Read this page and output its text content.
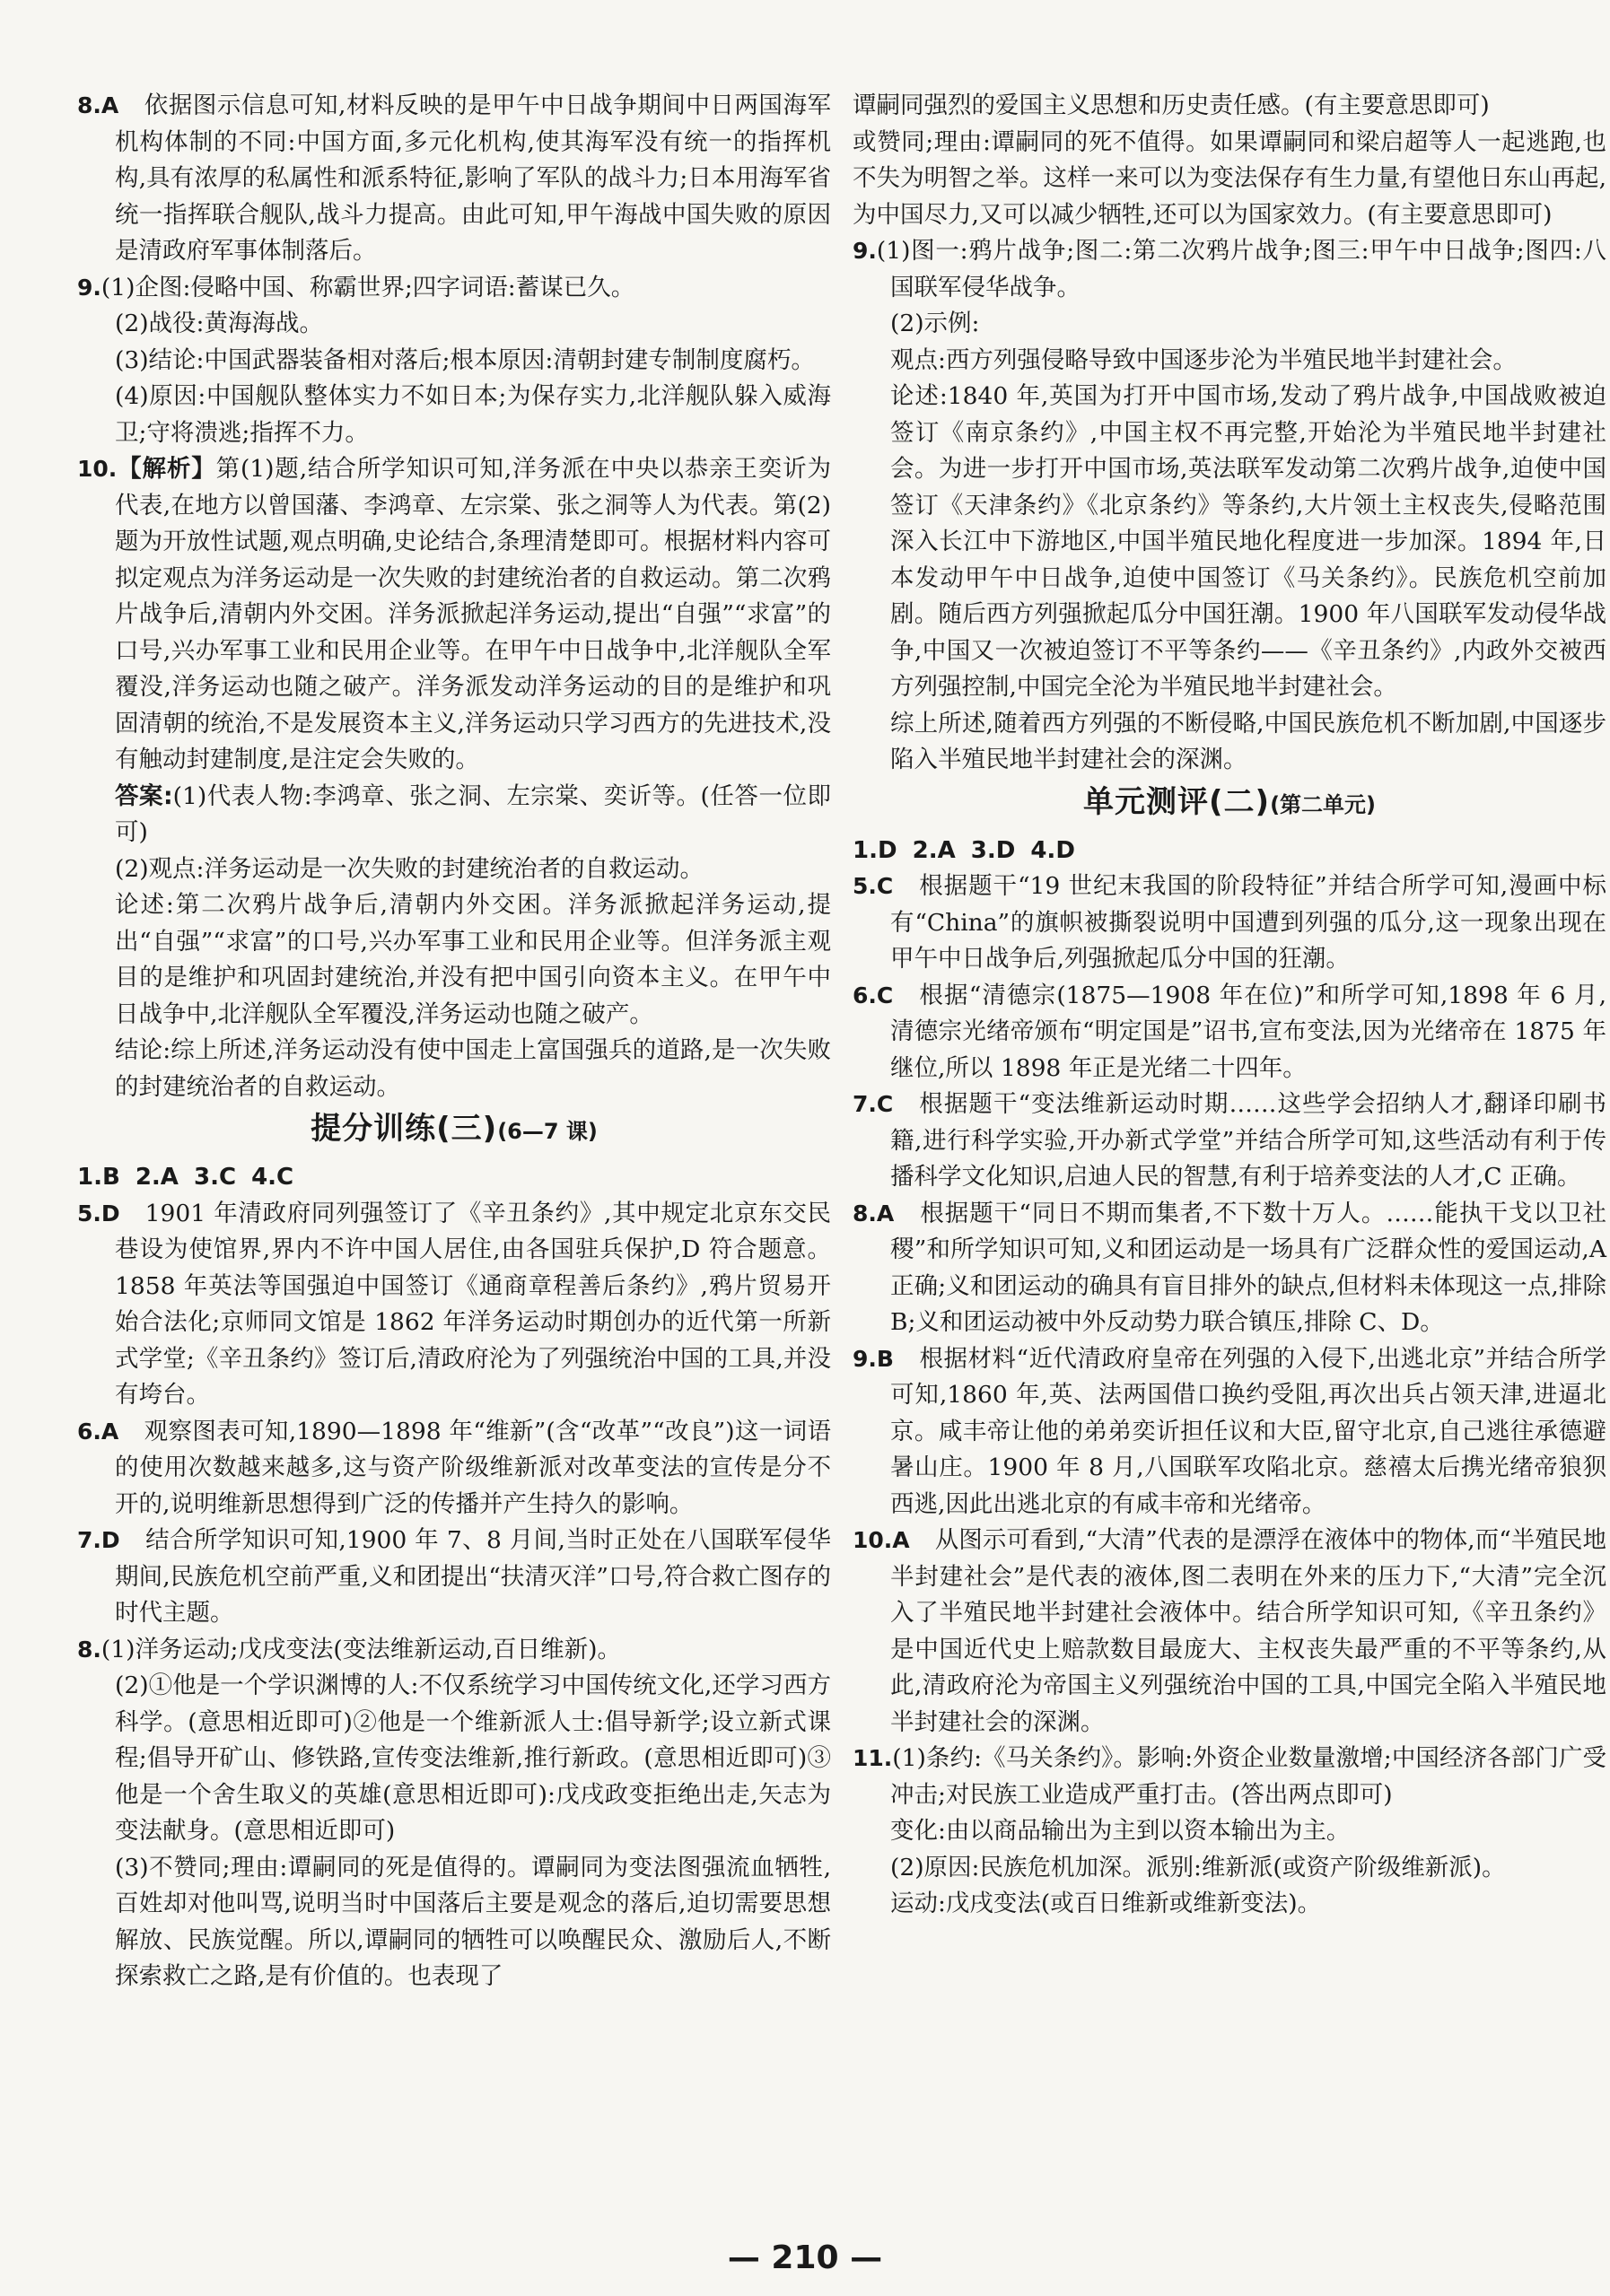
8.A 依据图示信息可知,材料反映的是甲午中日战争期间中日两国海军机构体制的不同:中国方面,多元化机构,使其海军没有统一的指挥机构,具有浓厚的私属性和派系特征,影响了军队的战斗力;日本用海军省统一指挥联合舰队,战斗力提高。由此可知,甲午海战中国失败的原因是清政府军事体制落后。

9.(1)企图:侵略中国、称霸世界;四字词语:蓄谋已久。

(2)战役:黄海海战。

(3)结论:中国武器装备相对落后;根本原因:清朝封建专制制度腐朽。

(4)原因:中国舰队整体实力不如日本;为保存实力,北洋舰队躲入威海卫;守将溃逃;指挥不力。

10.【解析】第(1)题,结合所学知识可知,洋务派在中央以恭亲王奕䜣为代表,在地方以曾国藩、李鸿章、左宗棠、张之洞等人为代表。第(2)题为开放性试题,观点明确,史论结合,条理清楚即可。根据材料内容可拟定观点为洋务运动是一次失败的封建统治者的自救运动。第二次鸦片战争后,清朝内外交困。洋务派掀起洋务运动,提出“自强”“求富”的口号,兴办军事工业和民用企业等。在甲午中日战争中,北洋舰队全军覆没,洋务运动也随之破产。洋务派发动洋务运动的目的是维护和巩固清朝的统治,不是发展资本主义,洋务运动只学习西方的先进技术,没有触动封建制度,是注定会失败的。

答案:(1)代表人物:李鸿章、张之洞、左宗棠、奕䜣等。(任答一位即可)

(2)观点:洋务运动是一次失败的封建统治者的自救运动。

论述:第二次鸦片战争后,清朝内外交困。洋务派掀起洋务运动,提出“自强”“求富”的口号,兴办军事工业和民用企业等。但洋务派主观目的是维护和巩固封建统治,并没有把中国引向资本主义。在甲午中日战争中,北洋舰队全军覆没,洋务运动也随之破产。

结论:综上所述,洋务运动没有使中国走上富国强兵的道路,是一次失败的封建统治者的自救运动。

提分训练(三)(6—7 课)

1.B 2.A 3.C 4.C

5.D 1901 年清政府同列强签订了《辛丑条约》,其中规定北京东交民巷设为使馆界,界内不许中国人居住,由各国驻兵保护,D 符合题意。1858 年英法等国强迫中国签订《通商章程善后条约》,鸦片贸易开始合法化;京师同文馆是 1862 年洋务运动时期创办的近代第一所新式学堂;《辛丑条约》签订后,清政府沦为了列强统治中国的工具,并没有垮台。

6.A 观察图表可知,1890—1898 年“维新”(含“改革”“改良”)这一词语的使用次数越来越多,这与资产阶级维新派对改革变法的宣传是分不开的,说明维新思想得到广泛的传播并产生持久的影响。

7.D 结合所学知识可知,1900 年 7、8 月间,当时正处在八国联军侵华期间,民族危机空前严重,义和团提出“扶清灭洋”口号,符合救亡图存的时代主题。

8.(1)洋务运动;戊戌变法(变法维新运动,百日维新)。

(2)①他是一个学识渊博的人:不仅系统学习中国传统文化,还学习西方科学。(意思相近即可)②他是一个维新派人士:倡导新学;设立新式课程;倡导开矿山、修铁路,宣传变法维新,推行新政。(意思相近即可)③他是一个舍生取义的英雄(意思相近即可):戊戌政变拒绝出走,矢志为变法献身。(意思相近即可)

(3)不赞同;理由:谭嗣同的死是值得的。谭嗣同为变法图强流血牺牲,百姓却对他叫骂,说明当时中国落后主要是观念的落后,迫切需要思想解放、民族觉醒。所以,谭嗣同的牺牲可以唤醒民众、激励后人,不断探索救亡之路,是有价值的。也表现了

谭嗣同强烈的爱国主义思想和历史责任感。(有主要意思即可)

或赞同;理由:谭嗣同的死不值得。如果谭嗣同和梁启超等人一起逃跑,也不失为明智之举。这样一来可以为变法保存有生力量,有望他日东山再起,为中国尽力,又可以减少牺牲,还可以为国家效力。(有主要意思即可)

9.(1)图一:鸦片战争;图二:第二次鸦片战争;图三:甲午中日战争;图四:八国联军侵华战争。

(2)示例:

观点:西方列强侵略导致中国逐步沦为半殖民地半封建社会。

论述:1840 年,英国为打开中国市场,发动了鸦片战争,中国战败被迫签订《南京条约》,中国主权不再完整,开始沦为半殖民地半封建社会。为进一步打开中国市场,英法联军发动第二次鸦片战争,迫使中国签订《天津条约》《北京条约》等条约,大片领土主权丧失,侵略范围深入长江中下游地区,中国半殖民地化程度进一步加深。1894 年,日本发动甲午中日战争,迫使中国签订《马关条约》。民族危机空前加剧。随后西方列强掀起瓜分中国狂潮。1900 年八国联军发动侵华战争,中国又一次被迫签订不平等条约——《辛丑条约》,内政外交被西方列强控制,中国完全沦为半殖民地半封建社会。

综上所述,随着西方列强的不断侵略,中国民族危机不断加剧,中国逐步陷入半殖民地半封建社会的深渊。

单元测评(二)(第二单元)

1.D 2.A 3.D 4.D

5.C 根据题干“19 世纪末我国的阶段特征”并结合所学可知,漫画中标有“China”的旗帜被撕裂说明中国遭到列强的瓜分,这一现象出现在甲午中日战争后,列强掀起瓜分中国的狂潮。

6.C 根据“清德宗(1875—1908 年在位)”和所学可知,1898 年 6 月,清德宗光绪帝颁布“明定国是”诏书,宣布变法,因为光绪帝在 1875 年继位,所以 1898 年正是光绪二十四年。

7.C 根据题干“变法维新运动时期……这些学会招纳人才,翻译印刷书籍,进行科学实验,开办新式学堂”并结合所学可知,这些活动有利于传播科学文化知识,启迪人民的智慧,有利于培养变法的人才,C 正确。

8.A 根据题干“同日不期而集者,不下数十万人。……能执干戈以卫社稷”和所学知识可知,义和团运动是一场具有广泛群众性的爱国运动,A 正确;义和团运动的确具有盲目排外的缺点,但材料未体现这一点,排除 B;义和团运动被中外反动势力联合镇压,排除 C、D。

9.B 根据材料“近代清政府皇帝在列强的入侵下,出逃北京”并结合所学可知,1860 年,英、法两国借口换约受阻,再次出兵占领天津,进逼北京。咸丰帝让他的弟弟奕䜣担任议和大臣,留守北京,自己逃往承德避暑山庄。1900 年 8 月,八国联军攻陷北京。慈禧太后携光绪帝狼狈西逃,因此出逃北京的有咸丰帝和光绪帝。

10.A 从图示可看到,“大清”代表的是漂浮在液体中的物体,而“半殖民地半封建社会”是代表的液体,图二表明在外来的压力下,“大清”完全沉入了半殖民地半封建社会液体中。结合所学知识可知,《辛丑条约》是中国近代史上赔款数目最庞大、主权丧失最严重的不平等条约,从此,清政府沦为帝国主义列强统治中国的工具,中国完全陷入半殖民地半封建社会的深渊。

11.(1)条约:《马关条约》。影响:外资企业数量激增;中国经济各部门广受冲击;对民族工业造成严重打击。(答出两点即可)

变化:由以商品输出为主到以资本输出为主。

(2)原因:民族危机加深。派别:维新派(或资产阶级维新派)。

运动:戊戌变法(或百日维新或维新变法)。

— 210 —
